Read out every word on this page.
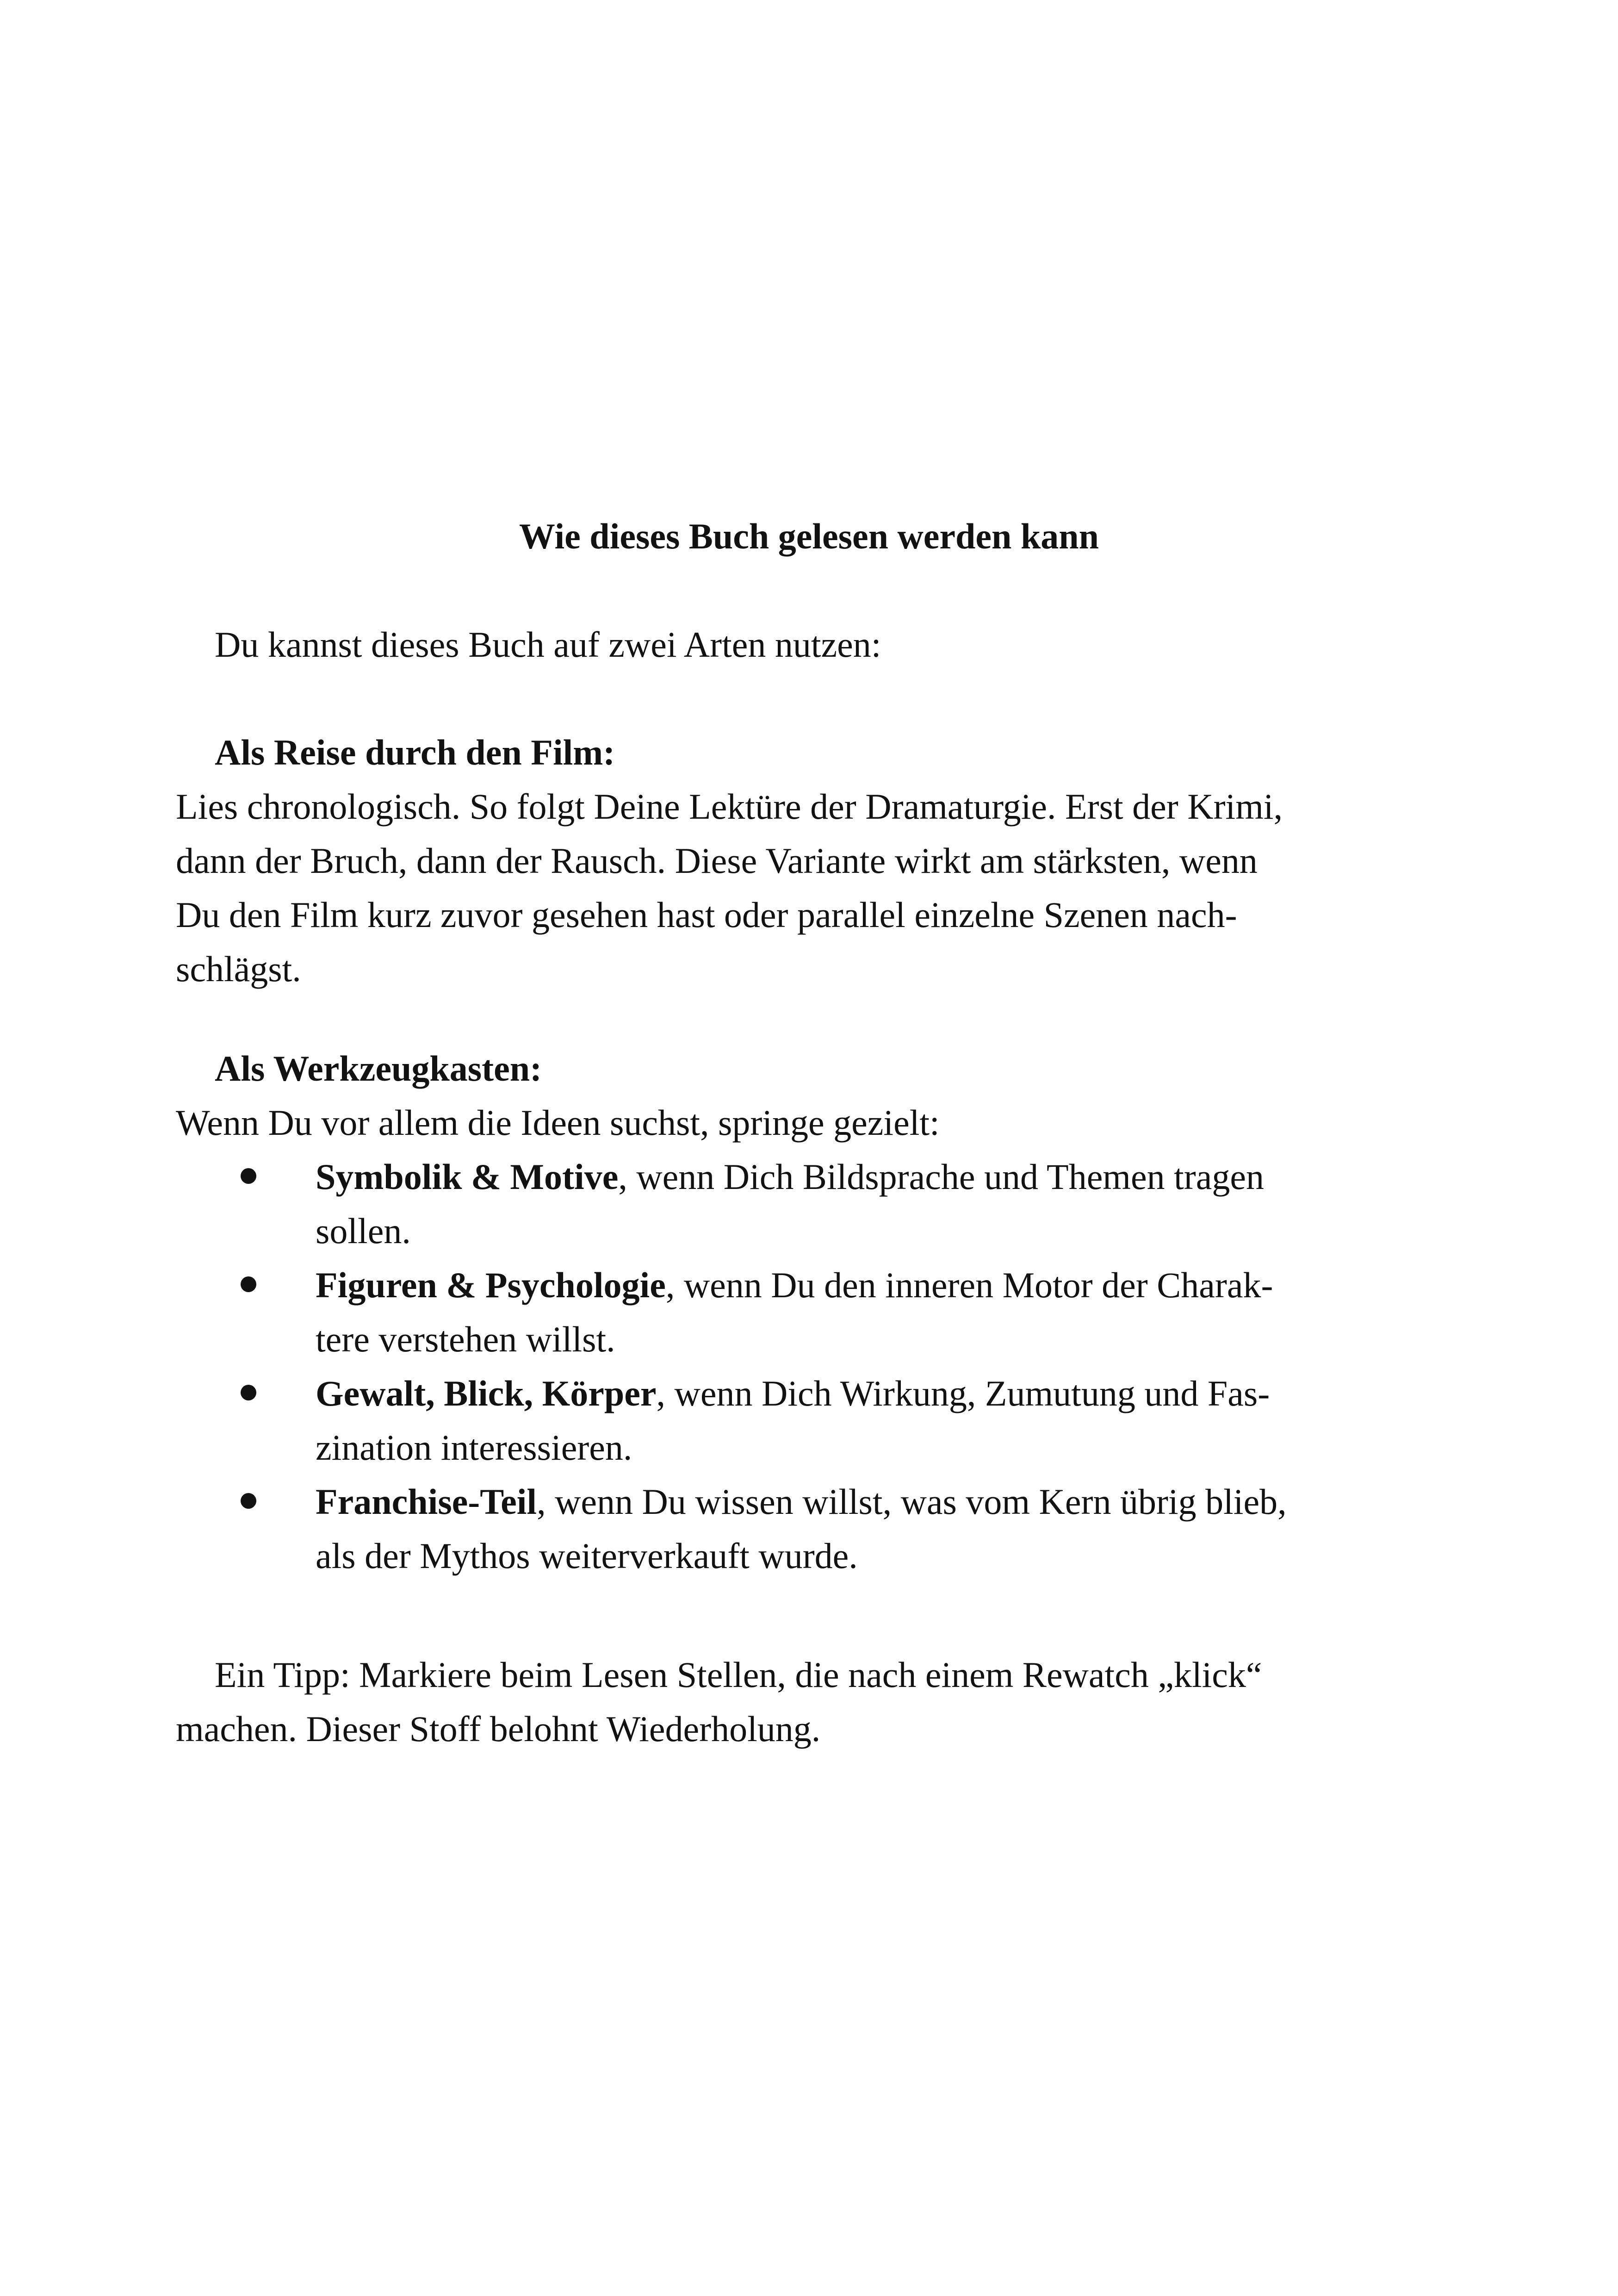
Wie dieses Buch gelesen werden kann

Du kannst dieses Buch auf zwei Arten nutzen:

Als Reise durch den Film:

Lies chronologisch. So folgt Deine Lektüre der Dramaturgie. Erst der Krimi,
dann der Bruch, dann der Rausch. Diese Variante wirkt am stärksten, wenn
Du den Film kurz zuvor gesehen hast oder parallel einzelne Szenen nach-
schlägst.

Als Werkzeugkasten:

Wenn Du vor allem die Ideen suchst, springe gezielt:

Symbolik & Motive, wenn Dich Bildsprache und Themen tragen
sollen.
Figuren & Psychologie, wenn Du den inneren Motor der Charak-
tere verstehen willst.
Gewalt, Blick, Körper, wenn Dich Wirkung, Zumutung und Fas-
zination interessieren.
Franchise-Teil, wenn Du wissen willst, was vom Kern übrig blieb,
als der Mythos weiterverkauft wurde.
Ein Tipp: Markiere beim Lesen Stellen, die nach einem Rewatch „klick“
machen. Dieser Stoff belohnt Wiederholung.
